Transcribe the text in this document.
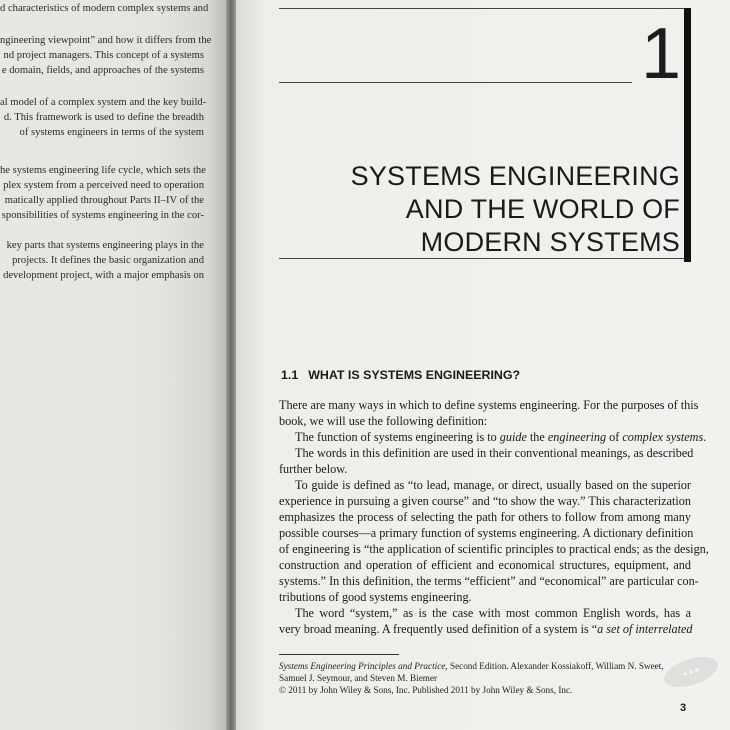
d characteristics of modern complex systems and

ngineering viewpoint” and how it differs from the

nd project managers. This concept of a systems

e domain, fields, and approaches of the systems

al model of a complex system and the key build-

d. This framework is used to define the breadth

of systems engineers in terms of the system

he systems engineering life cycle, which sets the

plex system from a perceived need to operation

matically applied throughout Parts II–IV of the

sponsibilities of systems engineering in the cor-

key parts that systems engineering plays in the

projects. It defines the basic organization and

development project, with a major emphasis on

1
SYSTEMS ENGINEERING
AND THE WORLD OF
MODERN SYSTEMS
1.1 WHAT IS SYSTEMS ENGINEERING?

There are many ways in which to define systems engineering. For the purposes of this

book, we will use the following definition:

The function of systems engineering is to guide the engineering of complex systems.

The words in this definition are used in their conventional meanings, as described

further below.

To guide is defined as “to lead, manage, or direct, usually based on the superior

experience in pursuing a given course” and “to show the way.” This characterization

emphasizes the process of selecting the path for others to follow from among many

possible courses—a primary function of systems engineering. A dictionary definition

of engineering is “the application of scientific principles to practical ends; as the design,

construction and operation of efficient and economical structures, equipment, and

systems.” In this definition, the terms “efficient” and “economical” are particular con-

tributions of good systems engineering.

The word “system,” as is the case with most common English words, has a

very broad meaning. A frequently used definition of a system is “a set of interrelated

Systems Engineering Principles and Practice, Second Edition. Alexander Kossiakoff, William N. Sweet,

Samuel J. Seymour, and Steven M. Biemer

© 2011 by John Wiley & Sons, Inc. Published 2011 by John Wiley & Sons, Inc.

● ● ●
3
